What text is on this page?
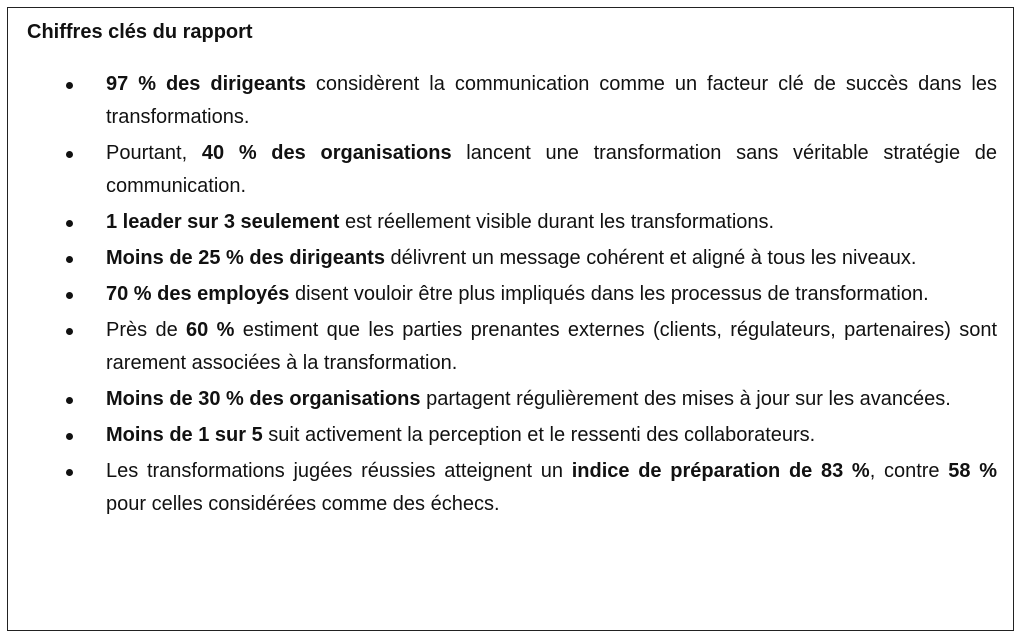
Chiffres clés du rapport
97 % des dirigeants considèrent la communication comme un facteur clé de succès dans les transformations.
Pourtant, 40 % des organisations lancent une transformation sans véritable stratégie de communication.
1 leader sur 3 seulement est réellement visible durant les transformations.
Moins de 25 % des dirigeants délivrent un message cohérent et aligné à tous les niveaux.
70 % des employés disent vouloir être plus impliqués dans les processus de transformation.
Près de 60 % estiment que les parties prenantes externes (clients, régulateurs, partenaires) sont rarement associées à la transformation.
Moins de 30 % des organisations partagent régulièrement des mises à jour sur les avancées.
Moins de 1 sur 5 suit activement la perception et le ressenti des collaborateurs.
Les transformations jugées réussies atteignent un indice de préparation de 83 %, contre 58 % pour celles considérées comme des échecs.
